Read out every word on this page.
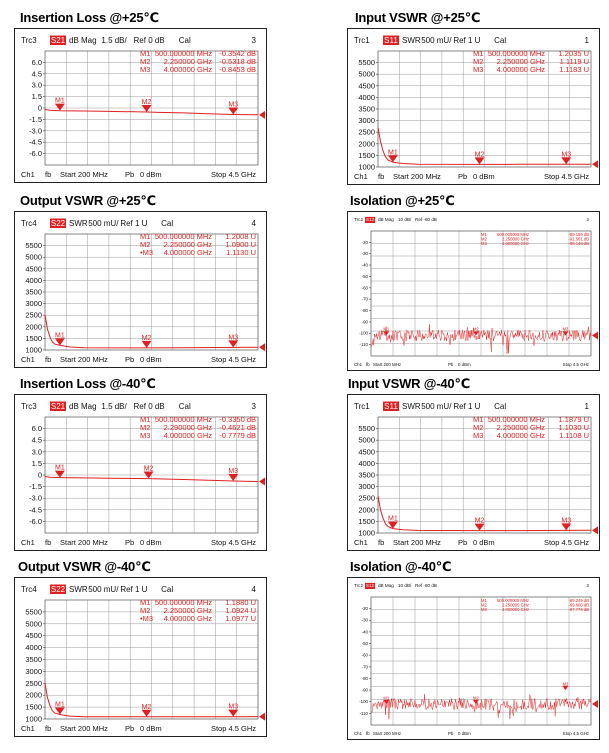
Insertion Loss @+25℃	Input VSWR @+25℃
Output VSWR @+25℃	Isolation @+25℃
Insertion Loss @-40℃	Input VSWR @-40℃
Output VSWR @-40℃	Isolation @-40℃
Trc3 S21 dB Mag 1.5 dB/ Ref 0 dB Cal	3
6.0
4.5
3.0
1.5
0
-1.5
-3.0
-4.5
-6.0
M1 500.000000 MHz -0.3542 dB
M2 2.250000 GHz -0.5318 dB
M3 4.000000 GHz -0.8453 dB
M1	M2	M3
Ch1 fb Start 200 MHz Pb 0 dBm	Stop 4.5 GHz
Trc1 S11 SWR 500 mU/ Ref 1 U Cal	1
5500
5000
4500
4000
3500
3000
2500
2000
1500
1000
M1 500.000000 MHz 1.2035 U
M2 2.250000 GHz 1.1119 U
M3 4.000000 GHz 1.1183 U
M1	M2	M3
Ch1 fb Start 200 MHz Pb 0 dBm	Stop 4.5 GHz
Trc4 S22 SWR 500 mU/ Ref 1 U Cal	4
5500
5000
4500
4000
3500
3000
2500
2000
1500
1000
M1 500.000000 MHz 1.2008 U
M2 2.250000 GHz 1.0900 U
•M3 4.000000 GHz 1.1130 U
M1	M2	M3
Ch1 fb Start 200 MHz Pb 0 dBm	Stop 4.5 GHz
Trc2 S12 dB Mag 10 dB/ Ref -80 dB	2
-20
-30
-40
-50
-60
-70
-80
-90
-100
-110
M1 500.000000 MHz	-89.159 dB
M2	2.250000 GHz	-91.561 dB
M3	4.000000 GHz	-88.148 dB
M1	M2	M3
Ch1 fb Start 200 MHz	Pb 0 dBm	Stop 4.5 GHz
Trc3 S21 dB Mag 1.5 dB/ Ref 0 dB Cal	3
6.0
4.5
3.0
1.5
0
-1.5
-3.0
-4.5
-6.0
M1 500.000000 MHz -0.3350 dB
M2 2.290000 GHz -0.4621 dB
M3 4.000000 GHz -0.7779 dB
M1	M2	M3
Ch1 fb Start 200 MHz Pb 0 dBm	Stop 4.5 GHz
Trc1 S11 SWR 500 mU/ Ref 1 U Cal	1
5500
5000
4500
4000
3500
3000
2500
2000
1500
1000
M1 500.000000 MHz 1.1879 U
M2 2.250000 GHz 1.1030 U
M3 4.000000 GHz 1.1108 U
M1	M2	M3
Ch1 fb Start 200 MHz Pb 0 dBm	Stop 4.5 GHz
Trc4 S22 SWR 500 mU/ Ref 1 U Cal	4
5500
5000
4500
4000
3500
3000
2500
2000
1500
1000
M1 500.000000 MHz 1.1880 U
M2 2.250000 GHz 1.0924 U
•M3 4.000000 GHz 1.0977 U
M1	M2	M3
Ch1 fb Start 200 MHz Pb 0 dBm	Stop 4.5 GHz
Trc2 S12 dB Mag 10 dB/ Ref -80 dB	2
-20
-30
-40
-50
-60
-70
-80
-90
-100
-110
M1 500.000000 MHz	-89.249 dB
M2	2.250000 GHz	-89.660 dB
M3	4.000000 GHz	-87.776 dB
M1	M2
M3
Ch1 fb Start 200 MHz	Pb 0 dBm	Stop 4.5 GHz
